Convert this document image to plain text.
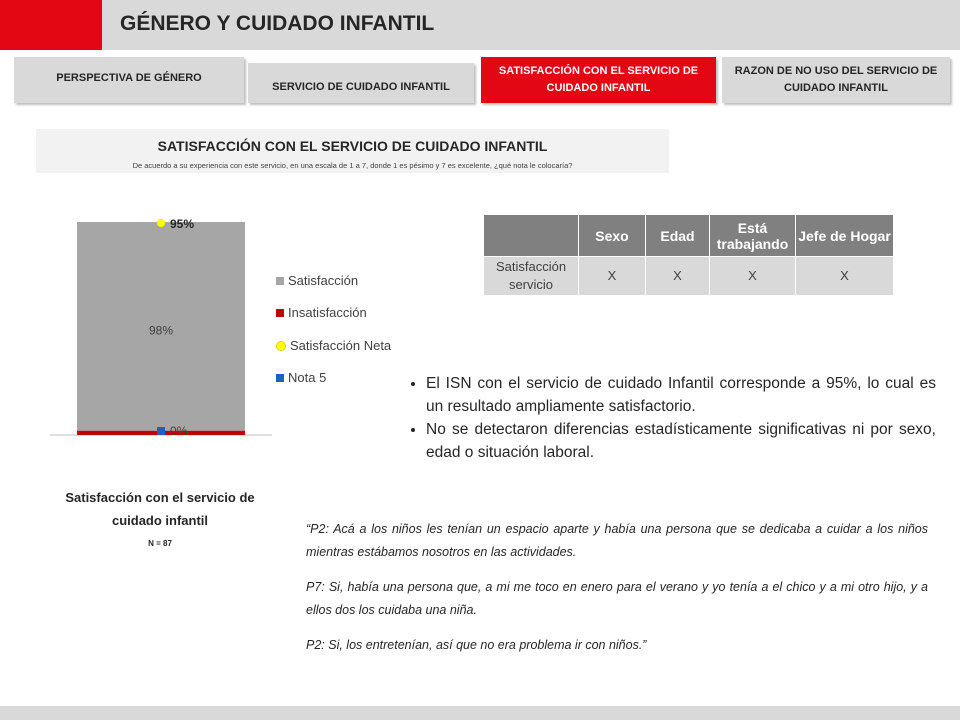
GÉNERO Y CUIDADO INFANTIL
PERSPECTIVA DE GÉNERO
SERVICIO DE CUIDADO INFANTIL
SATISFACCIÓN CON EL SERVICIO DE CUIDADO INFANTIL
RAZON DE NO USO DEL SERVICIO DE CUIDADO INFANTIL
SATISFACCIÓN CON EL SERVICIO DE CUIDADO INFANTIL
De acuerdo a su experiencia con este servicio, en una escala de 1 a 7, donde 1 es pésimo y 7 es excelente, ¿qué nota le colocaría?
98%
95%
0%
Satisfacción
Insatisfacción
Satisfacción Neta
Nota 5
Satisfacción con el servicio de cuidado infantil
N = 87
	Sexo	Edad	Está trabajando	Jefe de Hogar
Satisfacción servicio	X	X	X	X
• El ISN con el servicio de cuidado Infantil corresponde a 95%, lo cual es un resultado ampliamente satisfactorio.
• No se detectaron diferencias estadísticamente significativas ni por sexo, edad o situación laboral.

“P2: Acá a los niños les tenían un espacio aparte y había una persona que se dedicaba a cuidar a los niños mientras estábamos nosotros en las actividades.

P7: Si, había una persona que, a mi me toco en enero para el verano y yo tenía a el chico y a mi otro hijo, y a ellos dos los cuidaba una niña.

P2: Si, los entretenían, así que no era problema ir con niños.”
